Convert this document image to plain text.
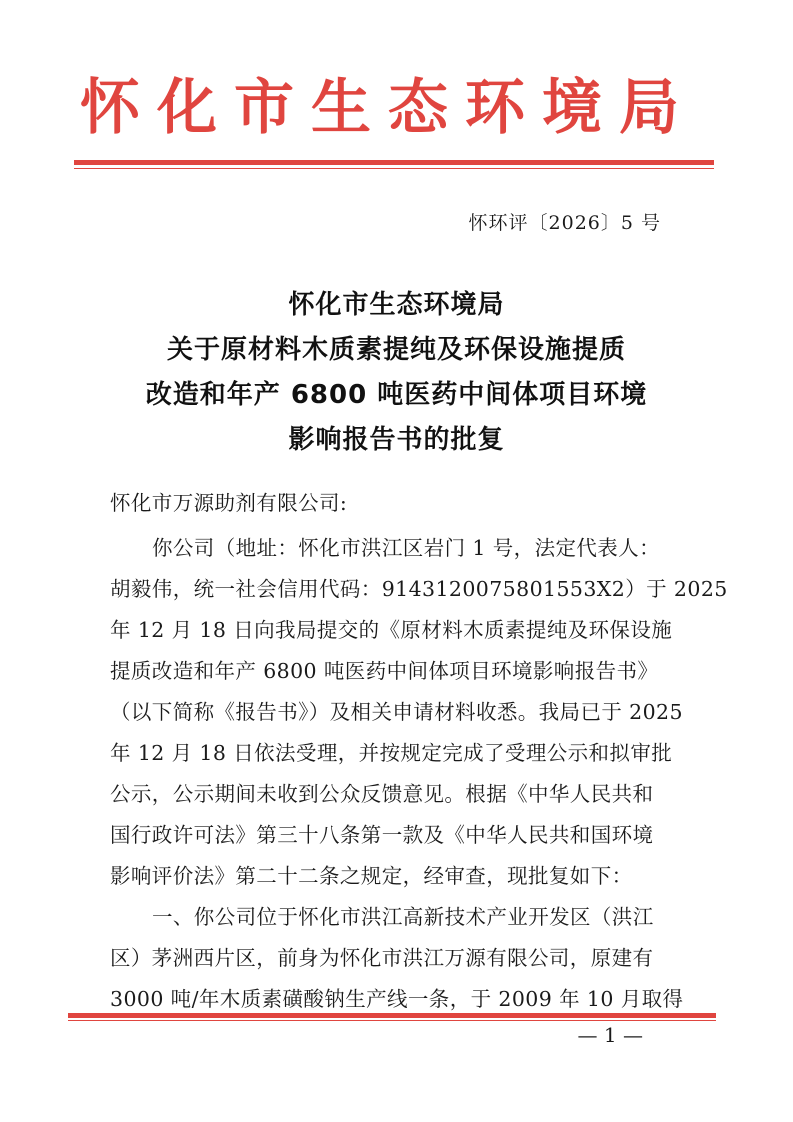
怀化市生态环境局
怀环评〔2026〕5 号
怀化市生态环境局
关于原材料木质素提纯及环保设施提质
改造和年产 6800 吨医药中间体项目环境
影响报告书的批复
怀化市万源助剂有限公司:
你公司（地址：怀化市洪江区岩门 1 号，法定代表人：
胡毅伟，统一社会信用代码：9143120075801553X2）于 2025
年 12 月 18 日向我局提交的《原材料木质素提纯及环保设施
提质改造和年产 6800 吨医药中间体项目环境影响报告书》
（以下简称《报告书》）及相关申请材料收悉。我局已于 2025
年 12 月 18 日依法受理，并按规定完成了受理公示和拟审批
公示，公示期间未收到公众反馈意见。根据《中华人民共和
国行政许可法》第三十八条第一款及《中华人民共和国环境
影响评价法》第二十二条之规定，经审查，现批复如下：
一、你公司位于怀化市洪江高新技术产业开发区（洪江
区）茅洲西片区，前身为怀化市洪江万源有限公司，原建有
3000 吨/年木质素磺酸钠生产线一条，于 2009 年 10 月取得
— 1 —
